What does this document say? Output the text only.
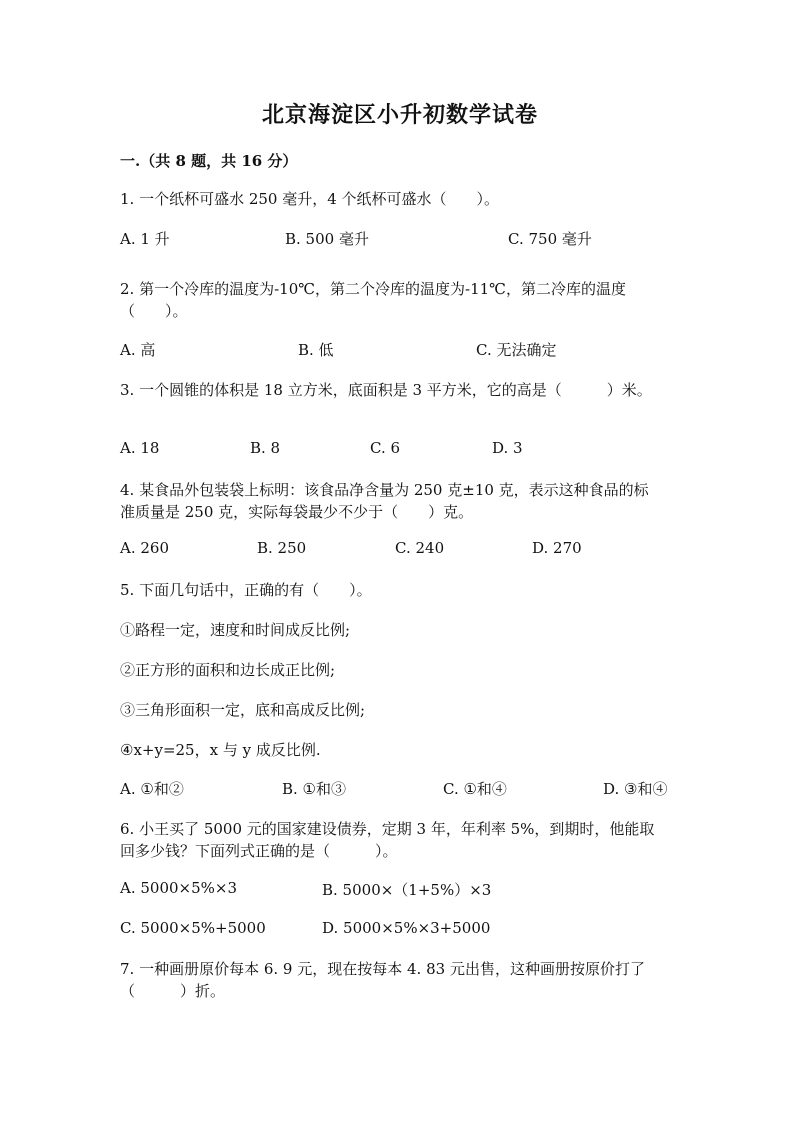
北京海淀区小升初数学试卷
一.（共 8 题，共 16 分）
1. 一个纸杯可盛水 250 毫升，4 个纸杯可盛水（　　）。
A. 1 升	B. 500 毫升	C. 750 毫升
2. 第一个冷库的温度为-10℃，第二个冷库的温度为-11℃，第二冷库的温度
（　　）。
A. 高	B. 低	C. 无法确定
3. 一个圆锥的体积是 18 立方米，底面积是 3 平方米，它的高是（　　　）米。
A. 18	B. 8	C. 6	D. 3
4. 某食品外包装袋上标明：该食品净含量为 250 克±10 克，表示这种食品的标
准质量是 250 克，实际每袋最少不少于（　　）克。
A. 260	B. 250	C. 240	D. 270
5. 下面几句话中，正确的有（　　）。
①路程一定，速度和时间成反比例;
②正方形的面积和边长成正比例;
③三角形面积一定，底和高成反比例;
④x+y=25，x 与 y 成反比例.
A. ①和②	B. ①和③	C. ①和④	D. ③和④
6. 小王买了 5000 元的国家建设债券，定期 3 年，年利率 5%，到期时，他能取
回多少钱？下面列式正确的是（　　　）。
A. 5000×5%×3	B. 5000×（1+5%）×3
C. 5000×5%+5000	D. 5000×5%×3+5000
7. 一种画册原价每本 6. 9 元，现在按每本 4. 83 元出售，这种画册按原价打了
（　　　）折。
